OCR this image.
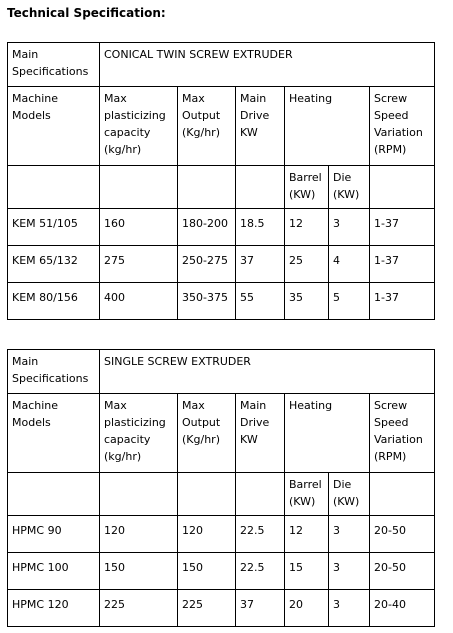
Technical Specification:
Main Specifications	CONICAL TWIN SCREW EXTRUDER					
Machine Models	Max plasticizing capacity (kg/hr)	Max Output (Kg/hr)	Main Drive KW	Heating		Screw Speed Variation (RPM)
				Barrel (KW)	Die (KW)	
KEM 51/105	160	180-200	18.5	12	3	1-37
KEM 65/132	275	250-275	37	25	4	1-37
KEM 80/156	400	350-375	55	35	5	1-37
Main Specifications	SINGLE SCREW EXTRUDER					
Machine Models	Max plasticizing capacity (kg/hr)	Max Output (Kg/hr)	Main Drive KW	Heating		Screw Speed Variation (RPM)
				Barrel (KW)	Die (KW)	
HPMC 90	120	120	22.5	12	3	20-50
HPMC 100	150	150	22.5	15	3	20-50
HPMC 120	225	225	37	20	3	20-40
